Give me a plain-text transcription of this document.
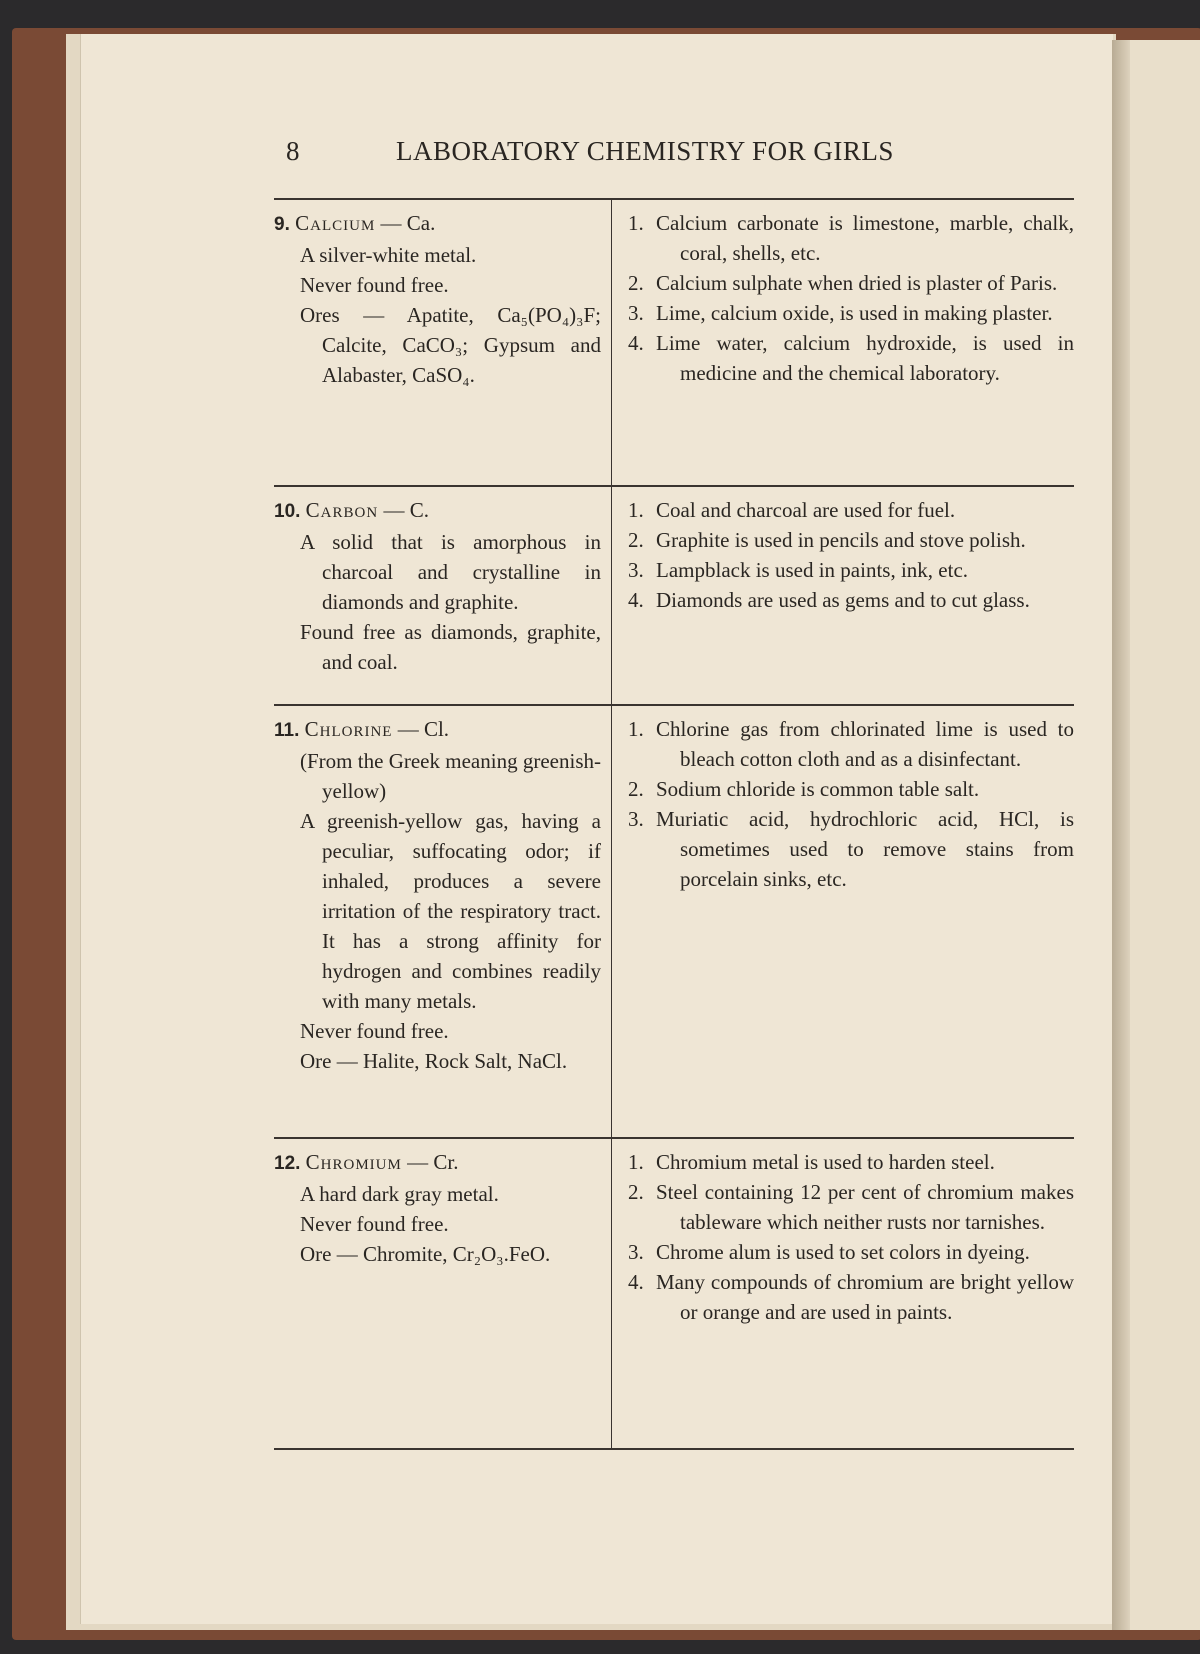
8	LABORATORY CHEMISTRY FOR GIRLS
9. Calcium — Ca.
A silver-white metal.
Never found free.
Ores — Apatite, Ca₅(PO₄)₃F; Calcite, CaCO₃; Gypsum and Alabaster, CaSO₄.
1. Calcium carbonate is limestone, marble, chalk, coral, shells, etc.
2. Calcium sulphate when dried is plaster of Paris.
3. Lime, calcium oxide, is used in making plaster.
4. Lime water, calcium hydroxide, is used in medicine and the chemical laboratory.
10. Carbon — C.
A solid that is amorphous in charcoal and crystalline in diamonds and graphite.
Found free as diamonds, graphite, and coal.
1. Coal and charcoal are used for fuel.
2. Graphite is used in pencils and stove polish.
3. Lampblack is used in paints, ink, etc.
4. Diamonds are used as gems and to cut glass.
11. Chlorine — Cl.
(From the Greek meaning greenish-yellow)
A greenish-yellow gas, having a peculiar, suffocating odor; if inhaled, produces a severe irritation of the respiratory tract. It has a strong affinity for hydrogen and combines readily with many metals.
Never found free.
Ore — Halite, Rock Salt, NaCl.
1. Chlorine gas from chlorinated lime is used to bleach cotton cloth and as a disinfectant.
2. Sodium chloride is common table salt.
3. Muriatic acid, hydrochloric acid, HCl, is sometimes used to remove stains from porcelain sinks, etc.
12. Chromium — Cr.
A hard dark gray metal.
Never found free.
Ore — Chromite, Cr₂O₃.FeO.
1. Chromium metal is used to harden steel.
2. Steel containing 12 per cent of chromium makes tableware which neither rusts nor tarnishes.
3. Chrome alum is used to set colors in dyeing.
4. Many compounds of chromium are bright yellow or orange and are used in paints.
